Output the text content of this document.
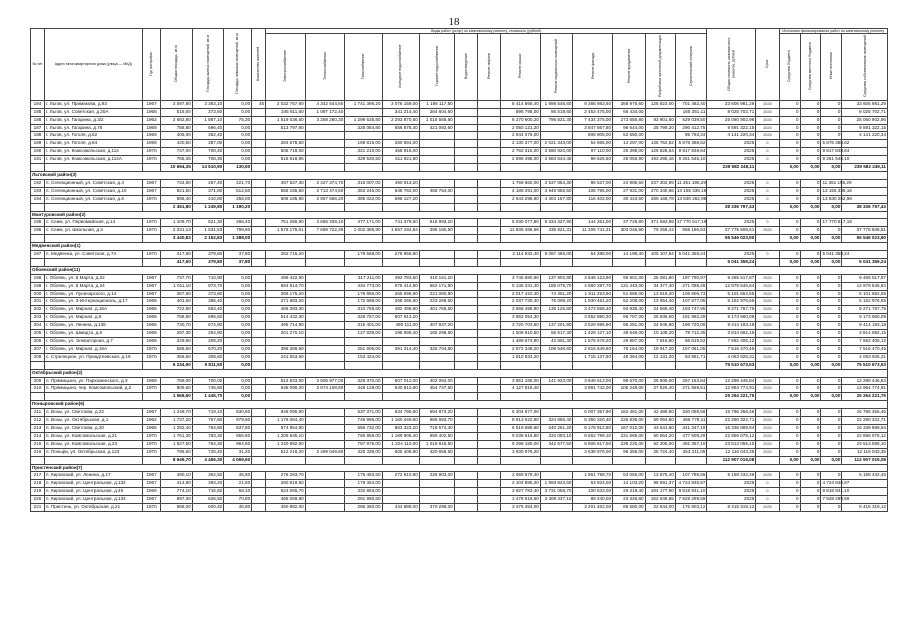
18
№ п/п	Адрес многоквартирного дома (улица — МКД)	Год постройки	Общая площадь, кв.м	Площадь жилых помещений, кв.м	Площадь нежилых помещений, кв.м	Количество жителей	Виды работ (услуг) по капитальному ремонту, стоимость (рублей)													Общая стоимость капитального ремонта, рублей	Срок	Источники финансирования работ по капитальному ремонту			
							Электроснабжение	Теплоснабжение	Газоснабжение	Холодное водоснабжение	Горячее водоснабжение	Водоотведение	Ремонт лифтов	Ремонт крыши	Ремонт подвальных помещений	Ремонт фасада	Ремонт фундамента	Разработка проектной документации	Строительный контроль			Средства бюджета	Средства местного бюджета	Иные источники	Средства собственников помещений
184	г. Льгов, ул. Примакова, д.93	1967	3 597,80	3 363,10	0,00	45	2 032 757,60	4 342 544,60	1 741 396,20	3 076 159,00	1 186 117,50			8 414 866,40	1 898 546,60	9 368 983,60	368 975,60	125 823,00	701 482,40	33 606 981,29	2025	0	0	0	33 606 981,29
185	г. Льгов, ул. Советская, д.20А	1968	516,00	373,60	0,00		345 811,60	1 087 172,40		341 214,40	284 604,60			896 798,00	95 519,60	2 453 475,00	66 434,00		165 351,11	8 025 702,71	2025	0	0	0	8 025 702,71
186	г. Льгов, ул. Гагарина, д.3/2	1962	2 682,80	1 887,10	75,30		1 519 036,50	3 258 260,30	1 299 535,80	2 293 870,50	1 016 568,80			6 270 600,20	796 821,30	7 434 375,00	273 655,80	93 901,50	529 039,50	25 060 902,96	2025	0	0	0	25 060 902,96
187	г. Льгов, ул. Гагарина, д.76	1969	758,80	696,40	0,00		513 797,60		326 084,80	556 878,40	421 092,60			2 050 121,20		3 847 567,80	96 644,00	25 799,20	290 412,75	9 591 322,15	2025	0	0	0	9 591 322,15
188	г. Льгов, ул. Гоголя, д.62	1969	405,00	352,40	0,00									2 944 076,00		808 905,00	52 650,00		85 793,34	4 141 220,34	2025	0	0	0	4 141 220,34
189	г. Льгов, ул. Гоголя, д.64	1959	420,50	387,00	0,00		284 678,50		189 815,00	280 694,00				2 130 377,00	2 021 343,00	54 665,00	14 297,00	136 752,62	5 876 368,62	2025	0	0	0	5 876 368,62	
190	г. Льгов, ул. Комсомольская, д.114	1970	747,00	700,40	0,00		505 719,00		321 210,00	458 916,00				2 792 315,00	3 590 820,00	97 110,00	25 398,00	126 828,64	9 917 848,64	2025	0	0	0	9 917 848,64	
191	г. Льгов, ул. Комсомольская, д.114А	1970	765,35	706,30	0,00		518 618,95		329 530,50	511 921,80				2 898 498,00	3 683 644,45	99 625,50	26 055,90	193 286,16	9 251 546,10	2025	0	0	0	9 251 546,10	
			10 694,35	14 510,90	130,50															239 582 249,11		0,00	0,00	0,00	239 582 249,11
Льговский район(3)																									
192	п. Селекционный, ул. Советская, д.4	1967	734,90	467,40	421,70		497 527,30	2 427 374,70	316 007,00	490 913,20				1 758 660,00	3 537 864,30	95 537,00	24 986,60	237 302,99	11 351 195,29	2025	0	0	0	11 351 195,29	
193	п. Селекционный, ул. Советская, д.10	1967	821,50	371,80	512,50		556 155,50	2 713 474,50	353 245,00	548 762,00	458 754,00			4 189 291,00	3 948 956,50	106 795,00	27 931,00	270 340,86	13 155 339,16	2025	0	0	0	13 155 339,16	
194	п. Селекционный, ул. Советская, д.6	1970	895,40	410,80	256,00		606 185,80	2 957 566,20	385 022,00	596 127,20				2 643 298,80	4 304 187,80	116 402,00	30 443,60	289 168,78	13 830 262,98	2025	0	0	0	13 830 262,98	
			2 451,80	1 249,80	1 190,20															38 336 797,43		0,00	0,00	0,00	38 336 797,43
Мантуровский район(2)																									
195	с. Сеим, ул. Первомайская, д.14	1970	1 109,70	621,30	468,40		751 266,90	3 665 339,10	477 171,00	741 379,50	618 993,20			5 030 077,80	5 334 327,90	144 261,00	37 729,80	371 593,99	17 770 517,19	2025	0	0	0	17 770 517,19	
196	с. Сеим, ул. Школьная, д.3	1970	2 331,13	1 531,53	799,60		1 578 175,01	7 699 722,39	1 002 385,90	1 557 194,84	396 160,50			11 839 486,56	435 921,31	11 205 741,31	303 046,90	79 258,42	858 196,53	37 775 506,51	2025	0	0	0	37 775 506,51
			3 440,83	2 152,83	1 288,00															55 546 023,90		0,00	0,00	0,00	55 546 023,90
Медвенский район(1)																									
197	п. Медвенка, ул. Советская, д.74	1970	417,60	379,80	37,80		282 715,20		179 568,00	278 956,80				2 114 932,40	9 087 465,00	54 288,00	14 198,40	105 107,84	5 041 359,24	2025	0	0	0	5 041 359,24	
			417,60	379,80	37,80															5 041 359,24		0,00	0,00	0,00	5 041 359,24
Обоянский район(11)																									
198	г. Обоянь, ул. 8 Марта, д.22	1967	737,70	710,90	0,00		499 422,90		317 211,00	492 783,60	410 161,20			3 745 680,90	137 902,80	3 546 123,90	95 901,00	25 081,80	197 790,97	9 465 517,87	2025	0	0	0	9 465 517,87
199	г. Обоянь, ул. 8 Марта, д.24	1967	1 011,10	973,70	0,00		684 514,70		434 773,00	675 414,80	562 171,60			5 136 331,40	189 075,70	4 860 297,70	131 443,00	34 377,40	271 098,28	12 979 546,64	2025	0	0	0	12 979 546,64
200	г. Обоянь, ул. Луначарского, д.14	1967	367,60	373,60	0,00		269 175,20		176 866,00	265 596,80	221 080,80			2 017 422,40	74 351,20	1 911 253,60	51 688,00	13 518,40	106 606,73	5 101 652,55	2025	0	0	0	5 101 652,55
201	г. Обоянь, ул. 3-Интернациональ, д.17	1968	401,60	386,40	0,00		271 883,20		172 688,00	268 265,60	223 289,60			2 037 730,40	75 099,20	1 930 481,20	52 208,00	13 654,40	107 677,05	5 152 976,65	2025	0	0	0	5 152 976,65
202	г. Обоянь, ул. Мирная, д.16А	1966	722,90	653,40	0,00		489 393,30		310 765,60	482 496,80	401 765,60			3 668 458,80	135 126,80	3 473 558,40	93 938,40	24 568,40	193 747,95	9 271 767,75	2025	0	0	0	9 271 767,75
203	г. Обоянь, ул. Мирная, д.6	1968	758,90	695,50	0,00		514 432,30		326 757,00	507 613,20				3 852 054,30		3 652 890,30	98 787,00	25 836,60	181 982,29	9 173 660,09	2025	0	0	0	9 173 660,09
204	г. Обоянь, ул. Ленина, д.135	1966	730,70	674,90	0,00		495 714,90		315 401,00	490 111,00	407 937,20			3 720 703,60	137 201,90	3 529 695,90	95 291,00	24 945,80	196 720,08	9 414 193,18	2025	0	0	0	9 414 193,18
205	г. Обоянь, ул. Шмидта, д.6	1969	297,30	254,90	0,00		201 270,10		127 839,00	198 596,40	165 298,80			1 508 810,50	55 617,30	1 429 127,10	38 649,00	10 108,20	79 712,35	3 814 692,15	2025	0	0	0	3 814 692,15
206	г. Обоянь, ул. Элеваторная, д.7	1969	229,90	208,20	0,00									1 489 574,90	42 891,30	1 576 678,20	29 887,00	7 816,60	56 619,52	7 662 405,12	2025	0	0	0	7 662 405,12
207	г. Обоянь, ул. Мирная, д.19А	1970	585,60	570,20	0,00		396 368,60		251 606,00	391 314,40	325 704,80			2 972 348,20	109 546,60	2 815 649,60	76 154,00	19 917,20	157 061,05	7 516 470,45	2025	0	0	0	7 516 470,45
208	с. Стрелецкое, ул. Приадтеевская, д.19	1970	356,60	308,60	0,00		241 553,60		153 424,00					1 810 833,20		1 715 137,80	46 364,00	12 131,20	84 851,71	4 063 925,31	2025	0	0	0	4 063 925,31
			6 234,90	5 811,50	0,00															75 510 673,53		0,00	0,00	0,00	75 510 673,53
Октябрьский район(2)																									
209	п. Прямицыно, ул. Пархоменского, д.3	1959	759,00	700,00	0,00		513 843,00	2 506 977,00	326 370,00	507 012,00	402 094,00			3 851 166,00	141 933,00	3 649 513,00	98 670,00	25 806,00	257 153,84	12 299 446,84	2025	0	0	0	12 299 446,84
210	п. Прямицыно, пер. Комсомольский, д.2	1970	809,60	745,60	0,00		548 099,20	2 674 108,80	348 128,00	540 812,80	454 737,60			4 127 818,40		3 891 742,00	105 248,00	27 526,40	271 559,51	12 964 774,91	2025	0	0	0	12 964 774,91
			1 568,60	1 445,70	0,00															25 264 221,75		0,00	0,00	0,00	25 264 221,75
Поныровский район(6)																									
211	п. Возы, ул. Светлова, д.22	1967	1 248,70	719,10	530,60		846 095,90		537 371,00	834 795,60	694 873,20			6 304 977,00		6 007 357,90	162 461,00	42 489,80	330 059,56	15 796 356,46	2025	0	0	0	15 796 356,46
212	п. Возы, ул. Октябрьская, д.1	1962	1 737,20	757,60	979,60		1 176 064,40		746 996,00	1 160 449,60	965 683,70			8 813 622,80	324 856,40	8 350 320,40	225 836,00	59 064,80	465 778,11	22 290 322,71	2025	0	0	0	22 290 322,71
213	п. Возы, ул. Светлова, д.20	1965	1 282,40	754,60	537,80		874 954,80		555 732,00	863 323,20	718 574,40			6 519 689,60	240 261,20	6 176 912,80	167 012,00	43 641,60	341 347,19	16 336 889,54	2025	0	0	0	16 336 889,54
214	п. Возы, ул. Комсомольская, д.21	1970	1 761,30	783,30	955,80		1 205 845,10		765 959,00	1 189 906,40	990 402,50			9 038 516,80	333 083,10	8 562 799,10	231 569,00	60 564,20	477 609,29	22 856 075,12	2025	0	0	0	22 856 075,12
215	п. Возы, ул. Комсомольская, д.23	1970	1 827,50	754,30	994,60		1 240 892,50		787 975,00	1 224 110,00	1 018 915,50			9 298 180,00	342 677,50	8 808 617,50	238 225,00	62 305,00	491 357,10	23 513 055,10	2025	0	0	0	23 513 055,10
216	п. Поныри, ул. Октябрьская, д.123	1970	796,60	725,40	31,20		512 218,20	2 499 049,80	325 338,00	505 408,80	420 658,60			3 830 976,20		3 638 976,00	98 358,00	25 724,40	253 311,05	12 116 043,35	2025	0	0	0	12 116 043,35
			8 649,70	4 456,30	4 069,60															112 907 015,08		0,00	0,00	0,00	112 907 015,08
Пристенский район(7)																									
217	п. Кировский, ул. Ленина, д.17	1967	490,10	362,50	45,60		276 283,70		175 483,60	272 610,80	226 903,00			2 069 679,40		1 961 798,70	53 055,00	13 875,40	107 788,56	5 158 432,46	2025	0	0	0	5 158 432,46
218	п. Кировский, ул. Центральная, д.132	1967	414,80	393,20	21,60		280 819,60		178 364,00					2 104 885,20	1 893 843,60	53 924,00	14 103,20	98 891,37	4 724 846,97	2025	0	0	0	4 724 846,97	
219	п. Кировский, ул. Центральная, д.49	1969	774,10	716,60	58,10		524 065,70		332 863,00					3 927 783,40	3 731 058,70	100 633,00	26 319,40	184 177,90	8 818 941,10	2025	0	0	0	8 818 941,10	
220	п. Кировский, ул. Центральная, д.134	1967	697,30	626,50	70,80		465 069,80		291 990,60					3 478 918,60	3 309 437,10	89 240,00	23 346,80	162 946,65	7 828 299,59	2025	0	0	0	7 828 299,59	
221	п. Пристень, ул. Октябрьская, д.21	1970	668,00	600,40	46,80		450 882,00		286 360,00	444 888,00	370 298,00			3 376 354,00		3 201 462,00	86 580,00	22 644,00	175 903,12	8 415 319,12	2025	0	0	0	8 415 319,12
